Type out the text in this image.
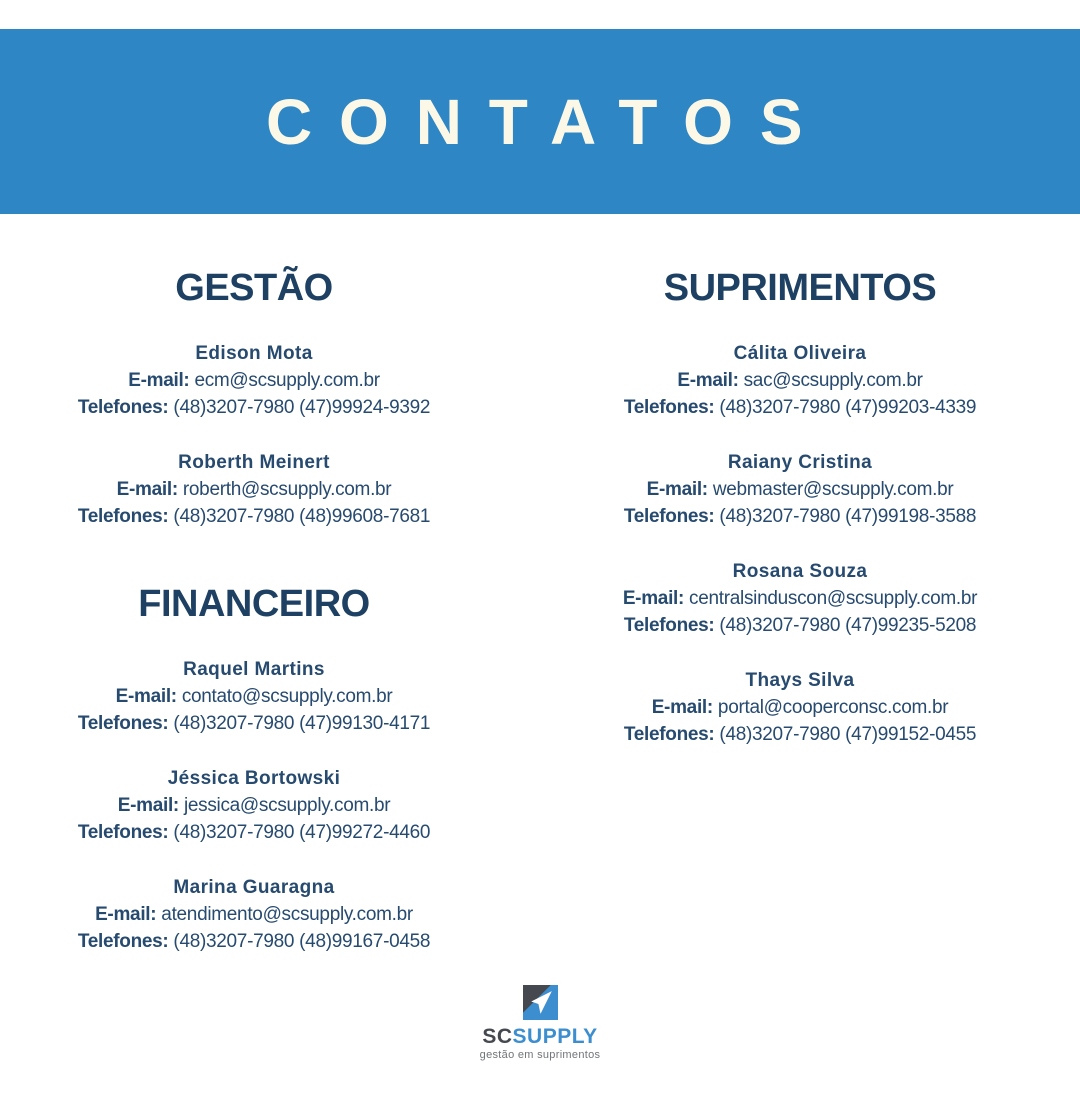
CONTATOS
GESTÃO
Edison Mota
E-mail: ecm@scsupply.com.br
Telefones: (48)3207-7980 (47)99924-9392
Roberth Meinert
E-mail: roberth@scsupply.com.br
Telefones: (48)3207-7980 (48)99608-7681
FINANCEIRO
Raquel Martins
E-mail: contato@scsupply.com.br
Telefones: (48)3207-7980 (47)99130-4171
Jéssica Bortowski
E-mail: jessica@scsupply.com.br
Telefones: (48)3207-7980 (47)99272-4460
Marina Guaragna
E-mail: atendimento@scsupply.com.br
Telefones: (48)3207-7980 (48)99167-0458
SUPRIMENTOS
Cálita Oliveira
E-mail: sac@scsupply.com.br
Telefones: (48)3207-7980 (47)99203-4339
Raiany Cristina
E-mail: webmaster@scsupply.com.br
Telefones: (48)3207-7980 (47)99198-3588
Rosana Souza
E-mail: centralsinduscon@scsupply.com.br
Telefones: (48)3207-7980 (47)99235-5208
Thays Silva
E-mail: portal@cooperconsc.com.br
Telefones: (48)3207-7980 (47)99152-0455
SCSUPPLY
gestão em suprimentos
